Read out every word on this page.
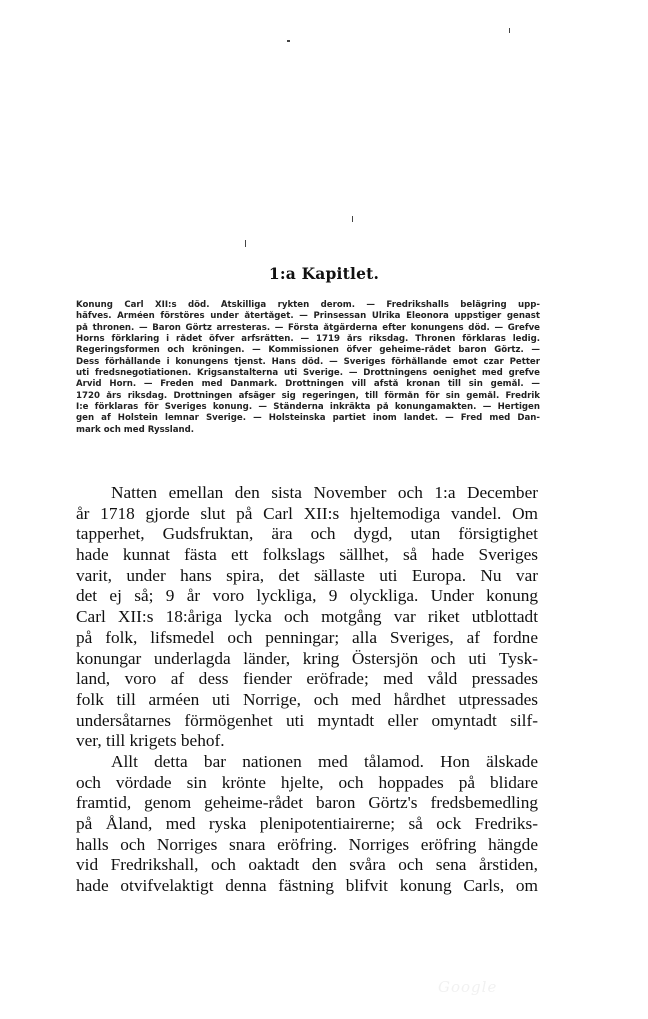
1:a Kapitlet.
Konung Carl XII:s död. Åtskilliga rykten derom. — Fredrikshalls belägring upp-
häfves. Arméen förstöres under återtåget. — Prinsessan Ulrika Eleonora uppstiger genast
på thronen. — Baron Görtz arresteras. — Första åtgärderna efter konungens död. — Grefve
Horns förklaring i rådet öfver arfsrätten. — 1719 års riksdag. Thronen förklaras ledig.
Regeringsformen och kröningen. — Kommissionen öfver geheime-rådet baron Görtz. —
Dess förhållande i konungens tjenst. Hans död. — Sveriges förhållande emot czar Petter
uti fredsnegotiationen. Krigsanstalterna uti Sverige. — Drottningens oenighet med grefve
Arvid Horn. — Freden med Danmark. Drottningen vill afstå kronan till sin gemål. —
1720 års riksdag. Drottningen afsäger sig regeringen, till förmån för sin gemål. Fredrik
I:e förklaras för Sveriges konung. — Ständerna inkräkta på konungamakten. — Hertigen
gen af Holstein lemnar Sverige. — Holsteinska partiet inom landet. — Fred med Dan-
mark och med Ryssland.
Natten emellan den sista November och 1:a December
år 1718 gjorde slut på Carl XII:s hjeltemodiga vandel. Om
tapperhet, Gudsfruktan, ära och dygd, utan försigtighet
hade kunnat fästa ett folkslags sällhet, så hade Sveriges
varit, under hans spira, det sällaste uti Europa. Nu var
det ej så; 9 år voro lyckliga, 9 olyckliga. Under konung
Carl XII:s 18:åriga lycka och motgång var riket utblottadt
på folk, lifsmedel och penningar; alla Sveriges, af fordne
konungar underlagda länder, kring Östersjön och uti Tysk-
land, voro af dess fiender eröfrade; med våld pressades
folk till arméen uti Norrige, och med hårdhet utpressades
undersåtarnes förmögenhet uti myntadt eller omyntadt silf-
ver, till krigets behof.
Allt detta bar nationen med tålamod. Hon älskade
och vördade sin krönte hjelte, och hoppades på blidare
framtid, genom geheime-rådet baron Görtz's fredsbemedling
på Åland, med ryska plenipotentiairerne; så ock Fredriks-
halls och Norriges snara eröfring. Norriges eröfring hängde
vid Fredrikshall, och oaktadt den svåra och sena årstiden,
hade otvifvelaktigt denna fästning blifvit konung Carls, om
Google
